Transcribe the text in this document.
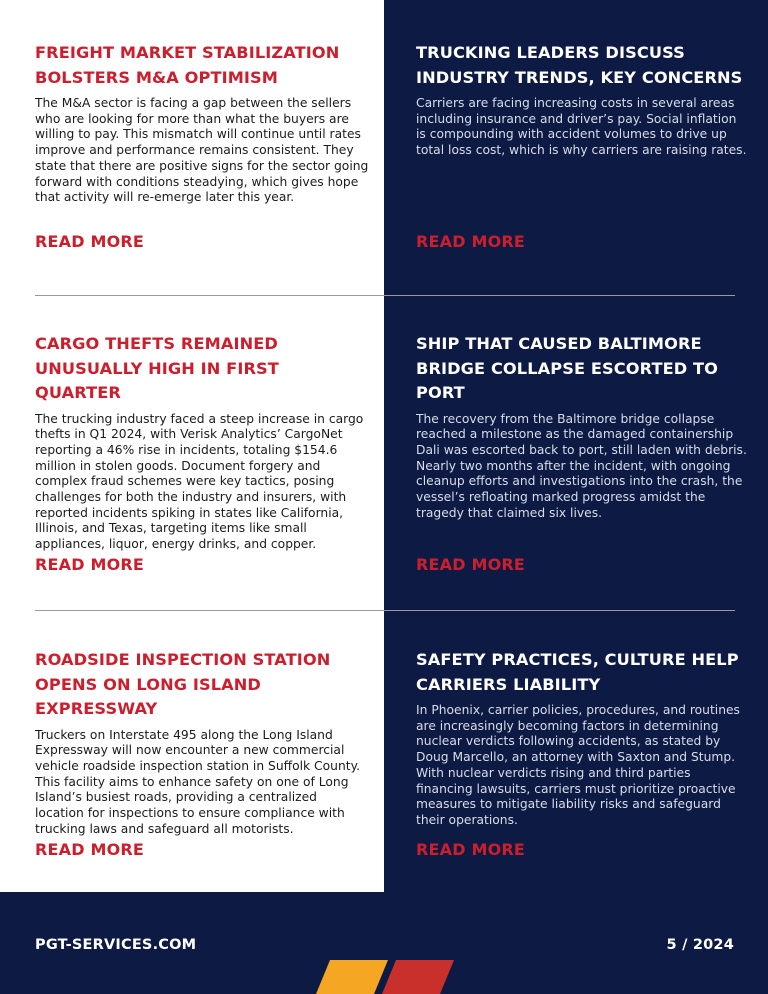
FREIGHT MARKET STABILIZATION BOLSTERS M&A OPTIMISM

The M&A sector is facing a gap between the sellers who are looking for more than what the buyers are willing to pay. This mismatch will continue until rates improve and performance remains consistent. They state that there are positive signs for the sector going forward with conditions steadying, which gives hope that activity will re-emerge later this year.

READ MORE
TRUCKING LEADERS DISCUSS INDUSTRY TRENDS, KEY CONCERNS

Carriers are facing increasing costs in several areas including insurance and driver’s pay. Social inflation is compounding with accident volumes to drive up total loss cost, which is why carriers are raising rates.

READ MORE
CARGO THEFTS REMAINED UNUSUALLY HIGH IN FIRST QUARTER

The trucking industry faced a steep increase in cargo thefts in Q1 2024, with Verisk Analytics’ CargoNet reporting a 46% rise in incidents, totaling $154.6 million in stolen goods. Document forgery and complex fraud schemes were key tactics, posing challenges for both the industry and insurers, with reported incidents spiking in states like California, Illinois, and Texas, targeting items like small appliances, liquor, energy drinks, and copper.

READ MORE
SHIP THAT CAUSED BALTIMORE BRIDGE COLLAPSE ESCORTED TO PORT

The recovery from the Baltimore bridge collapse reached a milestone as the damaged containership Dali was escorted back to port, still laden with debris. Nearly two months after the incident, with ongoing cleanup efforts and investigations into the crash, the vessel’s refloating marked progress amidst the tragedy that claimed six lives.

READ MORE
ROADSIDE INSPECTION STATION OPENS ON LONG ISLAND EXPRESSWAY

Truckers on Interstate 495 along the Long Island Expressway will now encounter a new commercial vehicle roadside inspection station in Suffolk County. This facility aims to enhance safety on one of Long Island’s busiest roads, providing a centralized location for inspections to ensure compliance with trucking laws and safeguard all motorists.

READ MORE
SAFETY PRACTICES, CULTURE HELP CARRIERS LIABILITY

In Phoenix, carrier policies, procedures, and routines are increasingly becoming factors in determining nuclear verdicts following accidents, as stated by Doug Marcello, an attorney with Saxton and Stump. With nuclear verdicts rising and third parties financing lawsuits, carriers must prioritize proactive measures to mitigate liability risks and safeguard their operations.

READ MORE
PGT-SERVICES.COM	5 / 2024
